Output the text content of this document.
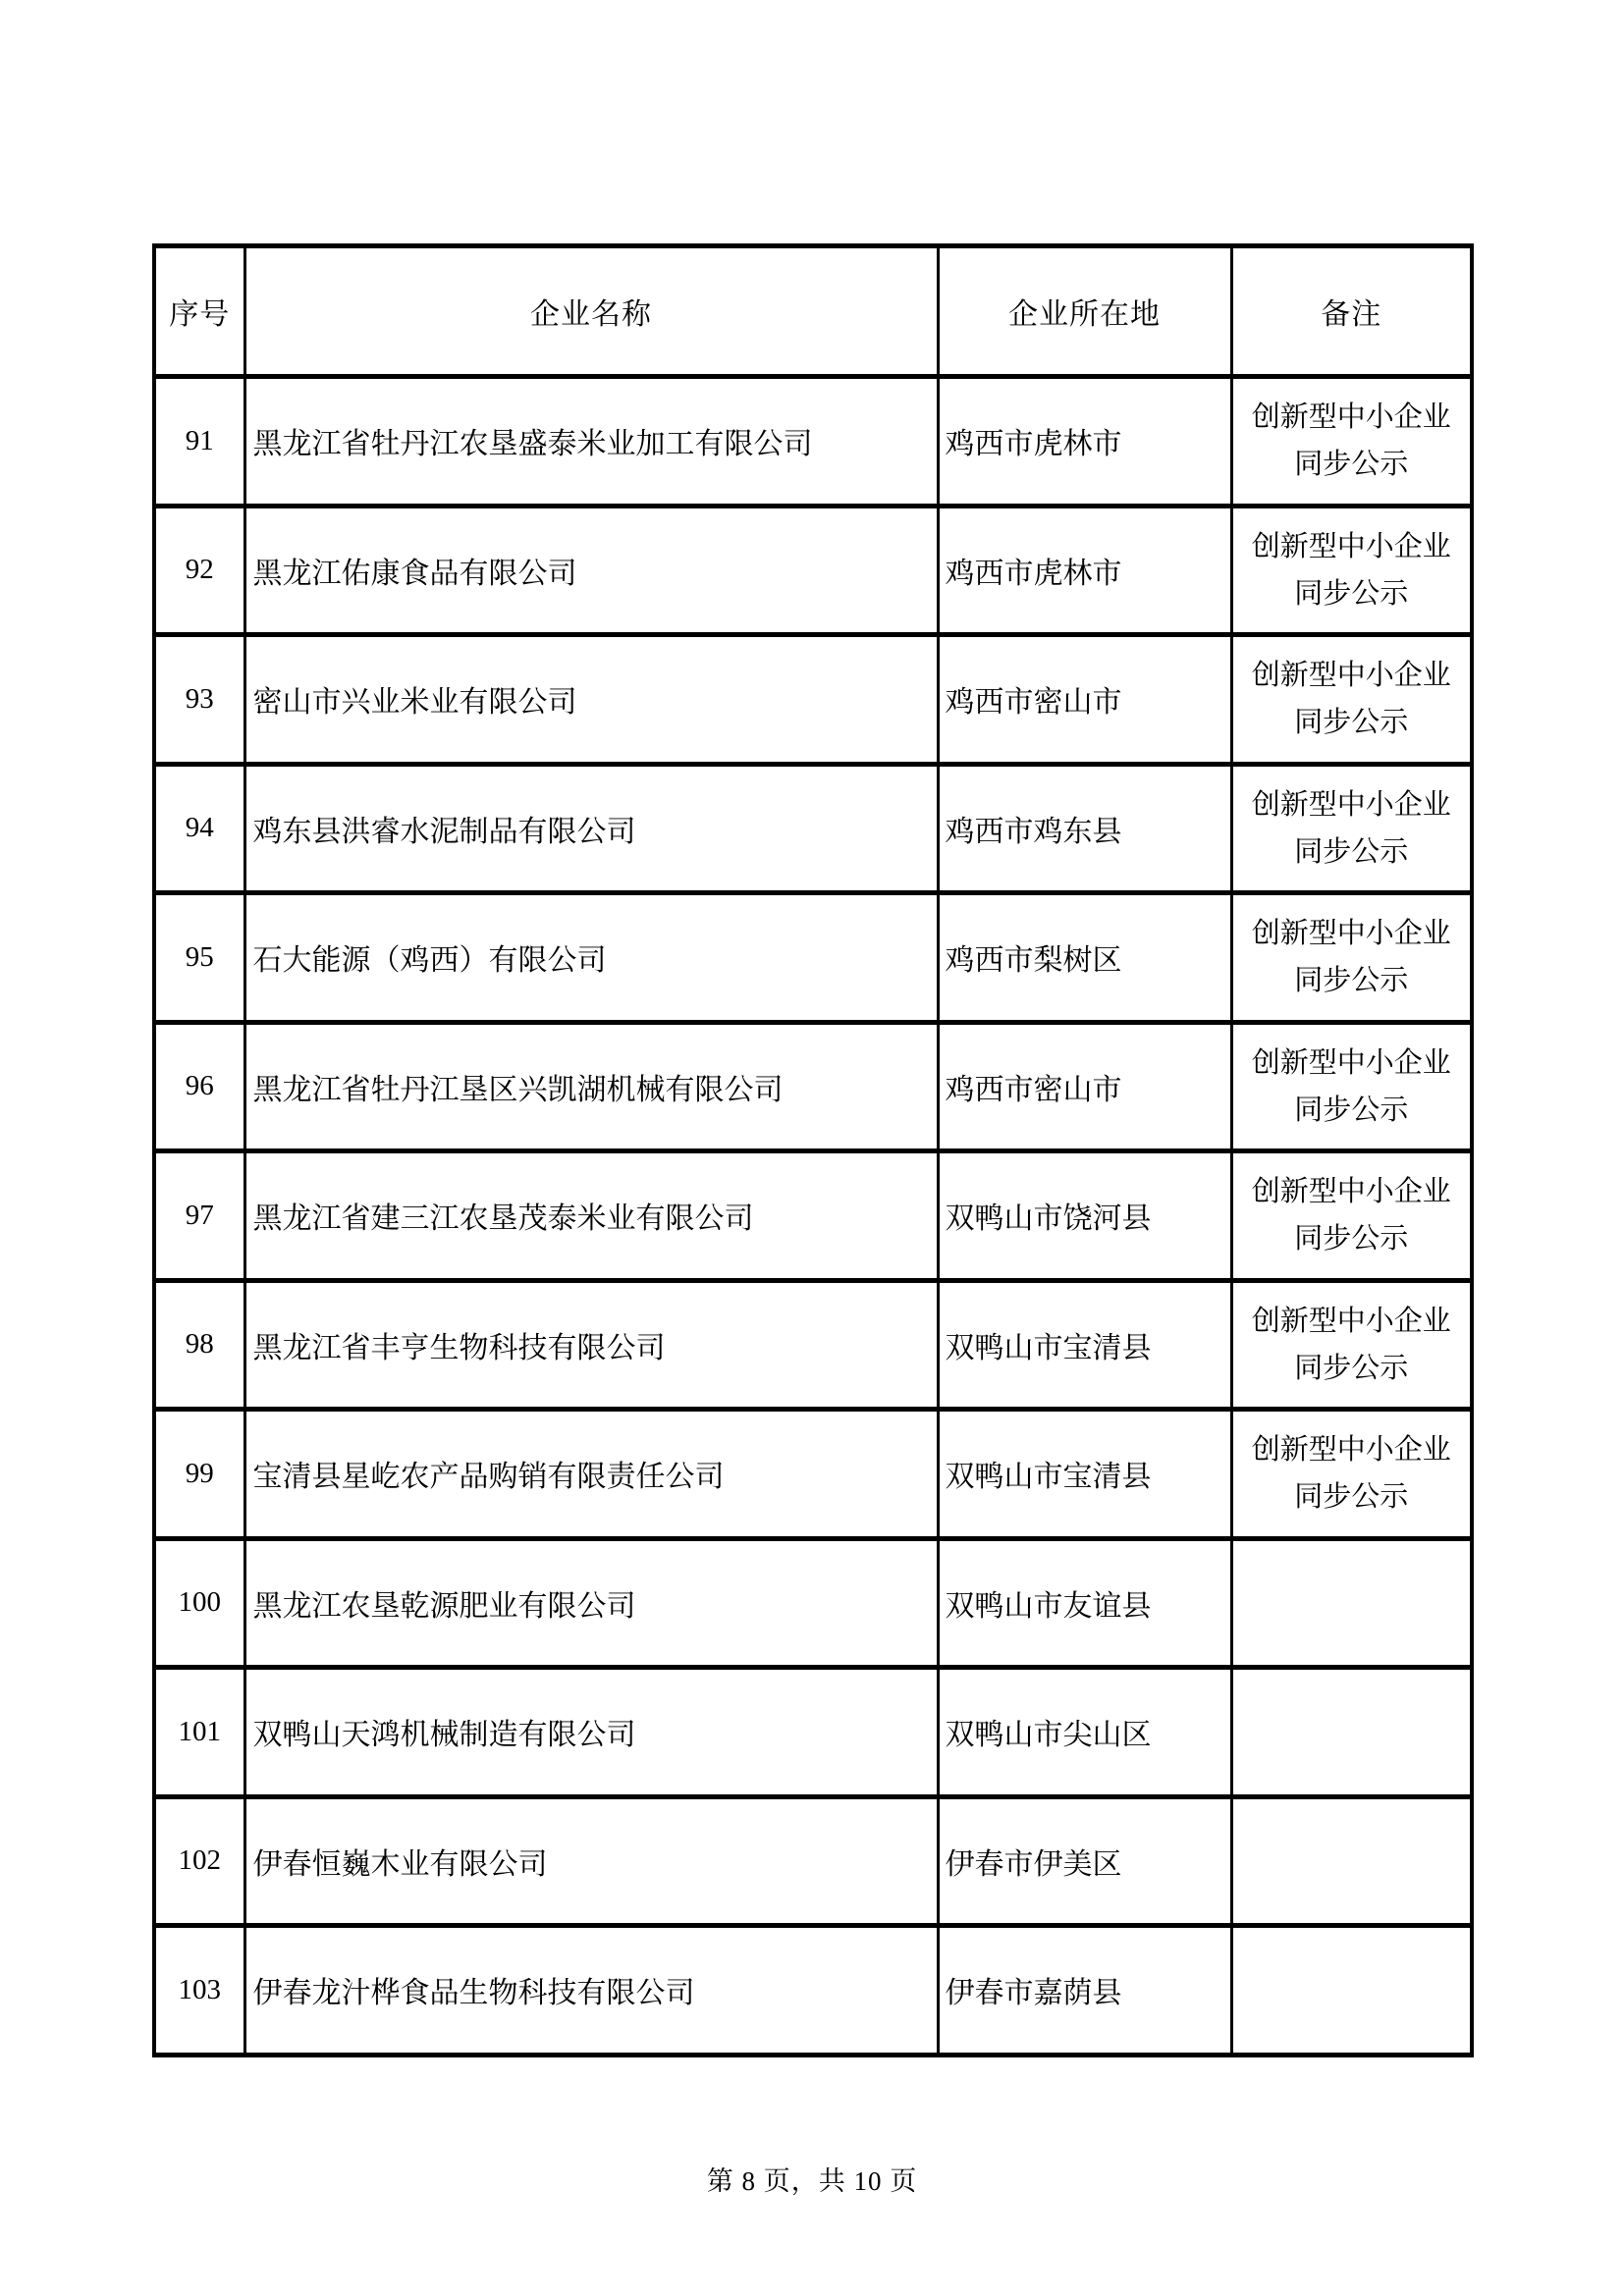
序号	企业名称	企业所在地	备注
91	黑龙江省牡丹江农垦盛泰米业加工有限公司	鸡西市虎林市	创新型中小企业
同步公示

92	黑龙江佑康食品有限公司	鸡西市虎林市	创新型中小企业
同步公示

93	密山市兴业米业有限公司	鸡西市密山市	创新型中小企业
同步公示

94	鸡东县洪睿水泥制品有限公司	鸡西市鸡东县	创新型中小企业
同步公示

95	石大能源（鸡西）有限公司	鸡西市梨树区	创新型中小企业
同步公示

96	黑龙江省牡丹江垦区兴凯湖机械有限公司	鸡西市密山市	创新型中小企业
同步公示

97	黑龙江省建三江农垦茂泰米业有限公司	双鸭山市饶河县	创新型中小企业
同步公示

98	黑龙江省丰亨生物科技有限公司	双鸭山市宝清县	创新型中小企业
同步公示

99	宝清县星屹农产品购销有限责任公司	双鸭山市宝清县	创新型中小企业
同步公示

100	黑龙江农垦乾源肥业有限公司	双鸭山市友谊县	

101	双鸭山天鸿机械制造有限公司	双鸭山市尖山区	

102	伊春恒巍木业有限公司	伊春市伊美区	

103	伊春龙汁桦食品生物科技有限公司	伊春市嘉荫县	
第 8 页，共 10 页
